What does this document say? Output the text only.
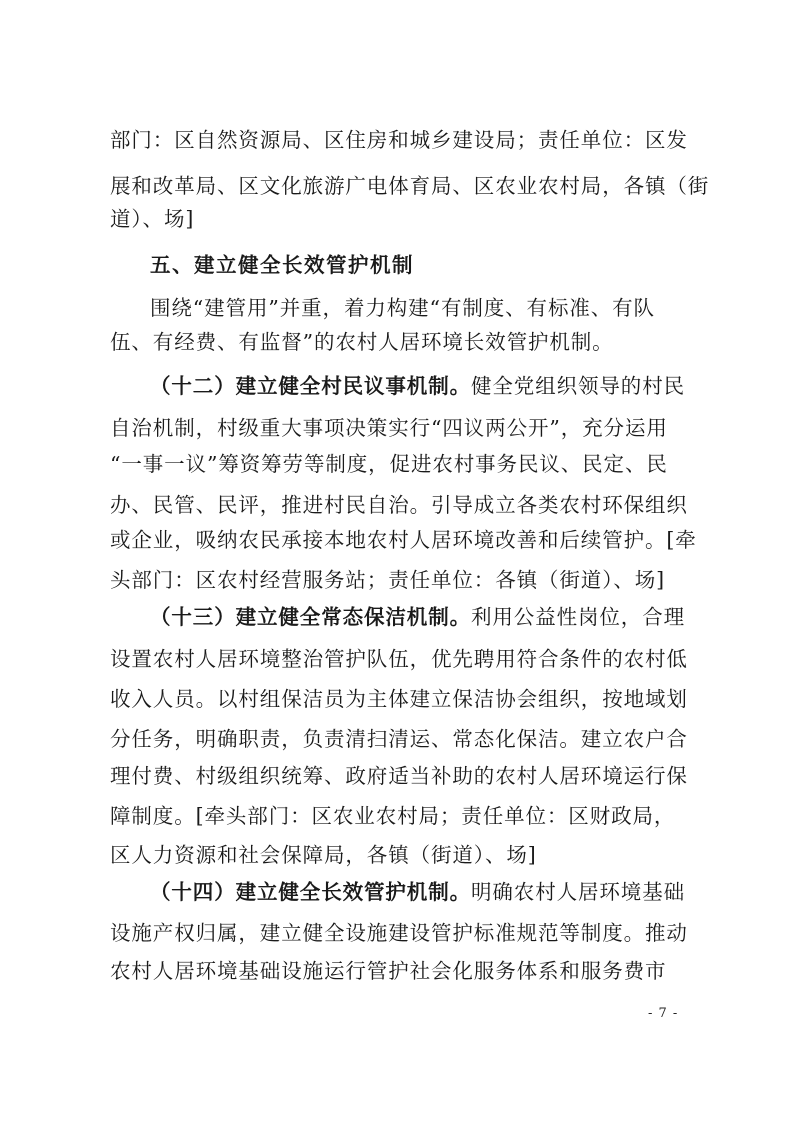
部门：区自然资源局、区住房和城乡建设局；责任单位：区发
展和改革局、区文化旅游广电体育局、区农业农村局，各镇（街
道）、场]
五、建立健全长效管护机制
围绕“建管用”并重，着力构建“有制度、有标准、有队
伍、有经费、有监督”的农村人居环境长效管护机制。
（十二）建立健全村民议事机制。健全党组织领导的村民
自治机制，村级重大事项决策实行“四议两公开”，充分运用
“一事一议”筹资筹劳等制度，促进农村事务民议、民定、民
办、民管、民评，推进村民自治。引导成立各类农村环保组织
或企业，吸纳农民承接本地农村人居环境改善和后续管护。[牵
头部门：区农村经营服务站；责任单位：各镇（街道）、场]
（十三）建立健全常态保洁机制。利用公益性岗位，合理
设置农村人居环境整治管护队伍，优先聘用符合条件的农村低
收入人员。以村组保洁员为主体建立保洁协会组织，按地域划
分任务，明确职责，负责清扫清运、常态化保洁。建立农户合
理付费、村级组织统筹、政府适当补助的农村人居环境运行保
障制度。[牵头部门：区农业农村局；责任单位：区财政局，
区人力资源和社会保障局，各镇（街道）、场]
（十四）建立健全长效管护机制。明确农村人居环境基础
设施产权归属，建立健全设施建设管护标准规范等制度。推动
农村人居环境基础设施运行管护社会化服务体系和服务费市
- 7 -
